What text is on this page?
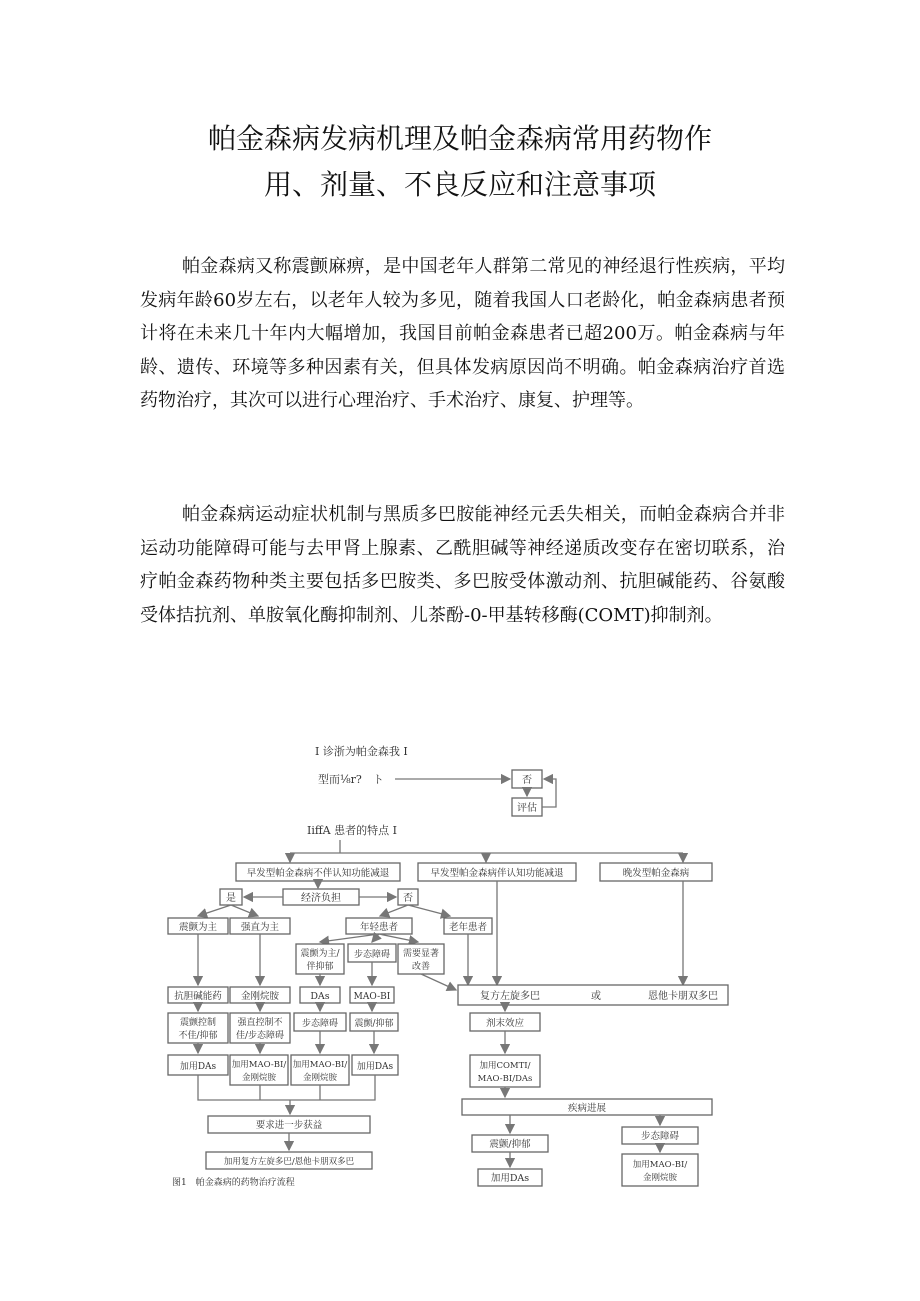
帕金森病发病机理及帕金森病常用药物作
用、剂量、不良反应和注意事项

帕金森病又称震颤麻痹，是中国老年人群第二常见的神经退行性疾病，平均发病年龄60岁左右，以老年人较为多见，随着我国人口老龄化，帕金森病患者预计将在未来几十年内大幅增加，我国目前帕金森患者已超200万。帕金森病与年龄、遗传、环境等多种因素有关，但具体发病原因尚不明确。帕金森病治疗首选药物治疗，其次可以进行心理治疗、手术治疗、康复、护理等。

帕金森病运动症状机制与黑质多巴胺能神经元丢失相关，而帕金森病合并非运动功能障碍可能与去甲肾上腺素、乙酰胆碱等神经递质改变存在密切联系，治疗帕金森药物种类主要包括多巴胺类、多巴胺受体激动剂、抗胆碱能药、谷氨酸受体拮抗剂、单胺氧化酶抑制剂、儿茶酚-0-甲基转移酶(COMT)抑制剂。

I 诊浙为帕金森我 I
型而⅛r?　ト	否
评估
IiffA 患者的特点 I
早发型帕金森病不伴认知功能减退	早发型帕金森病伴认知功能减退	晚发型帕金森病
是	经济负担	否
震颤为主	强直为主	年轻患者	老年患者
震颤为主/
伴抑郁
步态障碍 需要显著
改善
抗胆碱能药 金刚烷胺	DAs	MAO-BI	复方左旋多巴	或	恩他卡朋双多巴
震颤控制
不佳/抑郁
强直控制不
佳/步态障碍
步态障碍 震颤/抑郁	剂末效应
加用DAs 加用MAO-BI/
金刚烷胺
加用MAO-BI/
金刚烷胺
加用DAs	加用COMTI/
MAO-BI/DAs
疾病进展
要求进一步获益
加用复方左旋多巴/恩他卡朋双多巴
震颤/抑郁
步态障碍
加用DAs
加用MAO-BI/
金刚烷胺
图1　帕金森病的药物治疗流程
